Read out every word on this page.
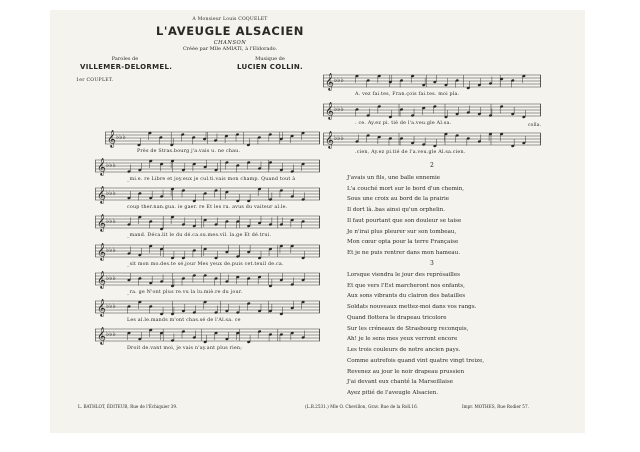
A Monsieur Louis COQUELET
L'AVEUGLE ALSACIEN
CHANSON
Créée par Mlle AMIATI, à l'Eldorado.
Paroles de	Musique de
VILLEMER-DELORMEL.	LUCIEN COLLIN.
1er COUPLET.
𝄞 ♭♭♭
Près de Stras.bourg j'a.vais u. ne chau.
𝄞 ♭♭♭
_mi.e. re Libre et joy.eux je cul.ti.vais mon champ. Quand tout à
𝄞 ♭♭♭
coup ther.nan.gua. ie gaer. re Et les ra. avus du vaiteur al.le.
𝄞 ♭♭♭
_mand. Déca.lit le du dé.ca.su.mes.vil. la.ge Et dé.trui.
𝄞 ♭♭♭
_sit mon mo.des.te sé.jour Mes yeux de.puis cet.teuil de.ca.
𝄞 ♭♭♭
_ra. ge N'ont plus re.vu la lu.miè.re du jour.
𝄞 ♭♭♭
Les al.le.mands m'ont chas.sé de l'Al.sa. ce
𝄞 ♭♭♭
Droit de.vant moi, je vais n'ay.ant plus rien;
𝄞 ♭♭♭
A. vez fai.tes, Fran.çois fai.tes. moi pla.
𝄞 ♭♭♭
. ce. Ay.ez pi. tié de l'a.veu.gle Al.sa.
𝄞 ♭♭♭
.cien, Ay.ez pi.tié de l'a.veu.gle Al.sa.cien.
colla.
2
J'avais un fils, une balle ennemie
L'a couché mort sur le bord d'un chemin,
Sous une croix au bord de la prairie
Il dort là..bas ainsi qu'un orphelin.
Il faut pourtant que son douleur se taise
Je n'irai plus pleurer sur son tombeau,
Mon cœur opta pour la terre Française
Et je ne puis rentrer dans mon hameau.
3
Lorsque viendra le jour des représailles
Et que vers l'Est marcheront nos enfants,
Aux sons vibrants du clairon des batailles
Soldats nouveaux mettez-moi dans vos rangs.
Quand flottera le drapeau tricolore
Sur les créneaux de Strasbourg reconquis,
Ah! je le sens mes yeux verront encore
Les trois couleurs de notre ancien pays.
Comme autrefois quand vint quatre vingt treize,
Revenez au jour le noir drapeau prussien
J'ai devant eux chanté la Marseillaise
Ayez pitié de l'aveugle Alsacien.
L. BATHLOT, ÉDITEUR, Rue de l'Échiquier 39.	(L.B.2531.) Mle O. Chevillon, Grav. Rue de la Roll.16.	Impr. MOTHES, Rue Rodier 57.
